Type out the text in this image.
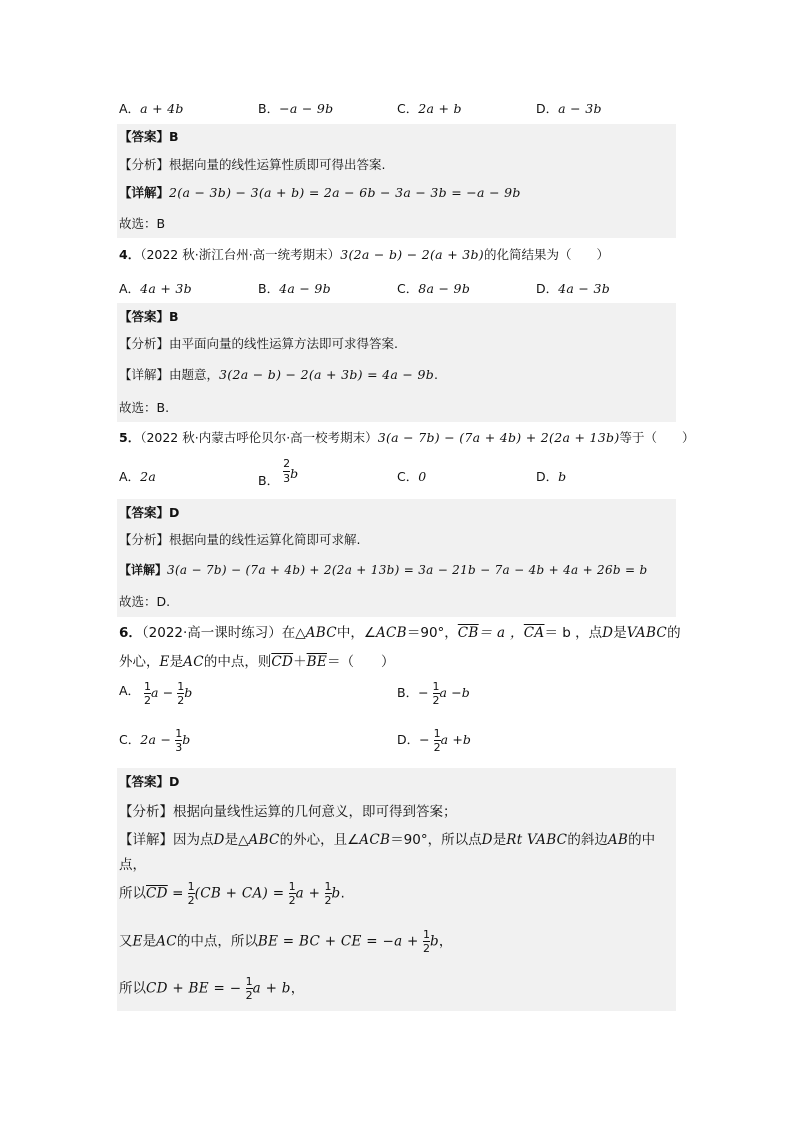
A．a + 4b	B．−a − 9b	C．2a + b	D．a − 3b
【答案】B
【分析】根据向量的线性运算性质即可得出答案.
【详解】2(a − 3b) − 3(a + b) = 2a − 6b − 3a − 3b = −a − 9b
故选：B
4．（2022 秋·浙江台州·高一统考期末）3(2a − b) − 2(a + 3b)的化简结果为（　　）
A．4a + 3b	B．4a − 9b	C．8a − 9b	D．4a − 3b
【答案】B
【分析】由平面向量的线性运算方法即可求得答案.
【详解】由题意，3(2a − b) − 2(a + 3b) = 4a − 9b.
故选：B.
5．（2022 秋·内蒙古呼伦贝尔·高一校考期末）3(a − 7b) − (7a + 4b) + 2(2a + 13b)等于（　　）
A．2a	B． $\frac{2}{3}$ b	C．0	D．b
【答案】D
【分析】根据向量的线性运算化简即可求解.
【详解】3(a − 7b) − (7a + 4b) + 2(2a + 13b) = 3a − 21b − 7a − 4b + 4a + 26b = b
故选：D.
6．（2022·高一课时练习）在△ABC中，∠ACB＝90°，$\overline{CB}= a$ ，$\overline{CA}= b$ ，点D是VABC的
外心，E是AC的中点，则$\overline{CD}+\overline{BE}=$（　　）
A． $\frac{1}{2}$ $a - \frac{1}{2}$ b	B．− $\frac{1}{2}$ a −b
C．$2a - \frac{1}{3}$ b	D．− $\frac{1}{2}$ a +b
【答案】D
【分析】根据向量线性运算的几何意义，即可得到答案；
【详解】因为点D是△ABC的外心，且∠ACB＝90°，所以点D是Rt VABC的斜边AB的中
点，
所以$\overline{CD} = \frac{1}{2} (CB + CA) = \frac{1}{2}$ $a + \frac{1}{2} b$.
又E是AC的中点，所以BE = BC + CE = $-a + \frac{1}{2}$ b，
所以CD + BE = − $\frac{1}{2}$ a + b，
